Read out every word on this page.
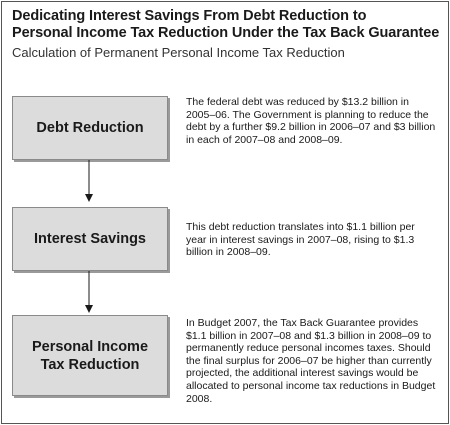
Dedicating Interest Savings From Debt Reduction to
Personal Income Tax Reduction Under the Tax Back Guarantee
Calculation of Permanent Personal Income Tax Reduction
Debt Reduction
The federal debt was reduced by $13.2 billion in 2005–06. The Government is planning to reduce the debt by a further $9.2 billion in 2006–07 and $3 billion in each of 2007–08 and 2008–09.
Interest Savings
This debt reduction translates into $1.1 billion per year in interest savings in 2007–08, rising to $1.3 billion in 2008–09.
Personal Income
Tax Reduction
In Budget 2007, the Tax Back Guarantee provides $1.1 billion in 2007–08 and $1.3 billion in 2008–09 to permanently reduce personal incomes taxes. Should the final surplus for 2006–07 be higher than currently projected, the additional interest savings would be allocated to personal income tax reductions in Budget 2008.
